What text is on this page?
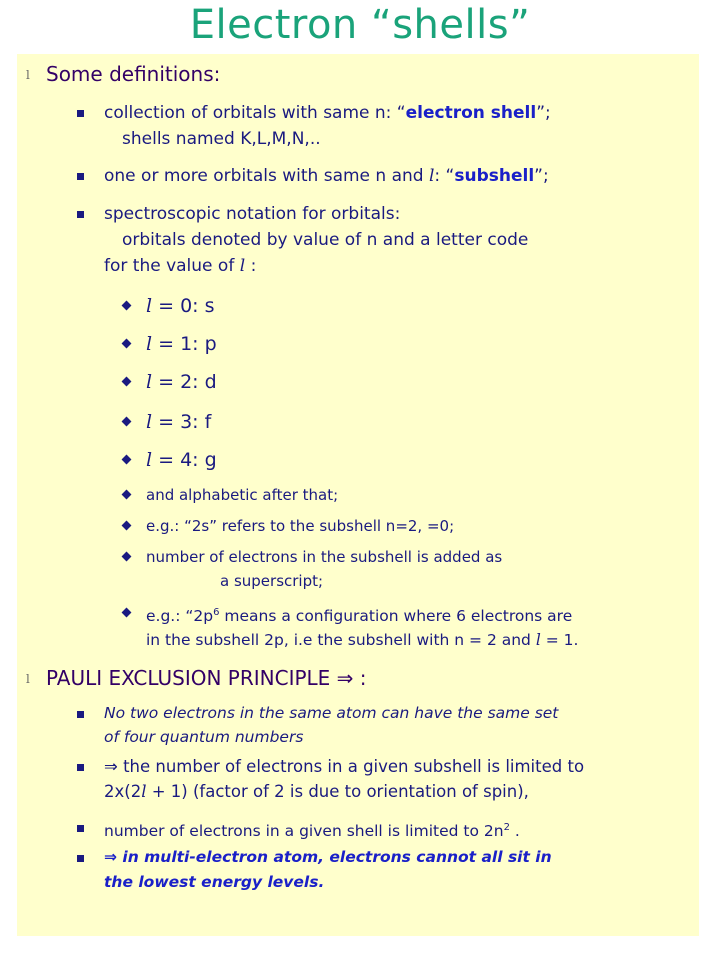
Electron “shells”
l Some definitions:
collection of orbitals with same n: “electron shell”;
shells named K,L,M,N,..
one or more orbitals with same n and l: “subshell”;
spectroscopic notation for orbitals:
orbitals denoted by value of n and a letter code
for the value of l :
l = 0: s
l = 1: p
l = 2: d
l = 3: f
l = 4: g
and alphabetic after that;
e.g.: “2s” refers to the subshell n=2, =0;
number of electrons in the subshell is added as
a superscript;
e.g.: “$2p^6$ means a configuration where 6 electrons are
in the subshell 2p, i.e the subshell with n = 2 and l = 1.
l PAULI EXCLUSION PRINCIPLE ⇒ :
No two electrons in the same atom can have the same set
of four quantum numbers
⇒ the number of electrons in a given subshell is limited to
2x(2l + 1) (factor of 2 is due to orientation of spin),
number of electrons in a given shell is limited to $2n^2$ .
⇒ in multi-electron atom, electrons cannot all sit in
the lowest energy levels.
